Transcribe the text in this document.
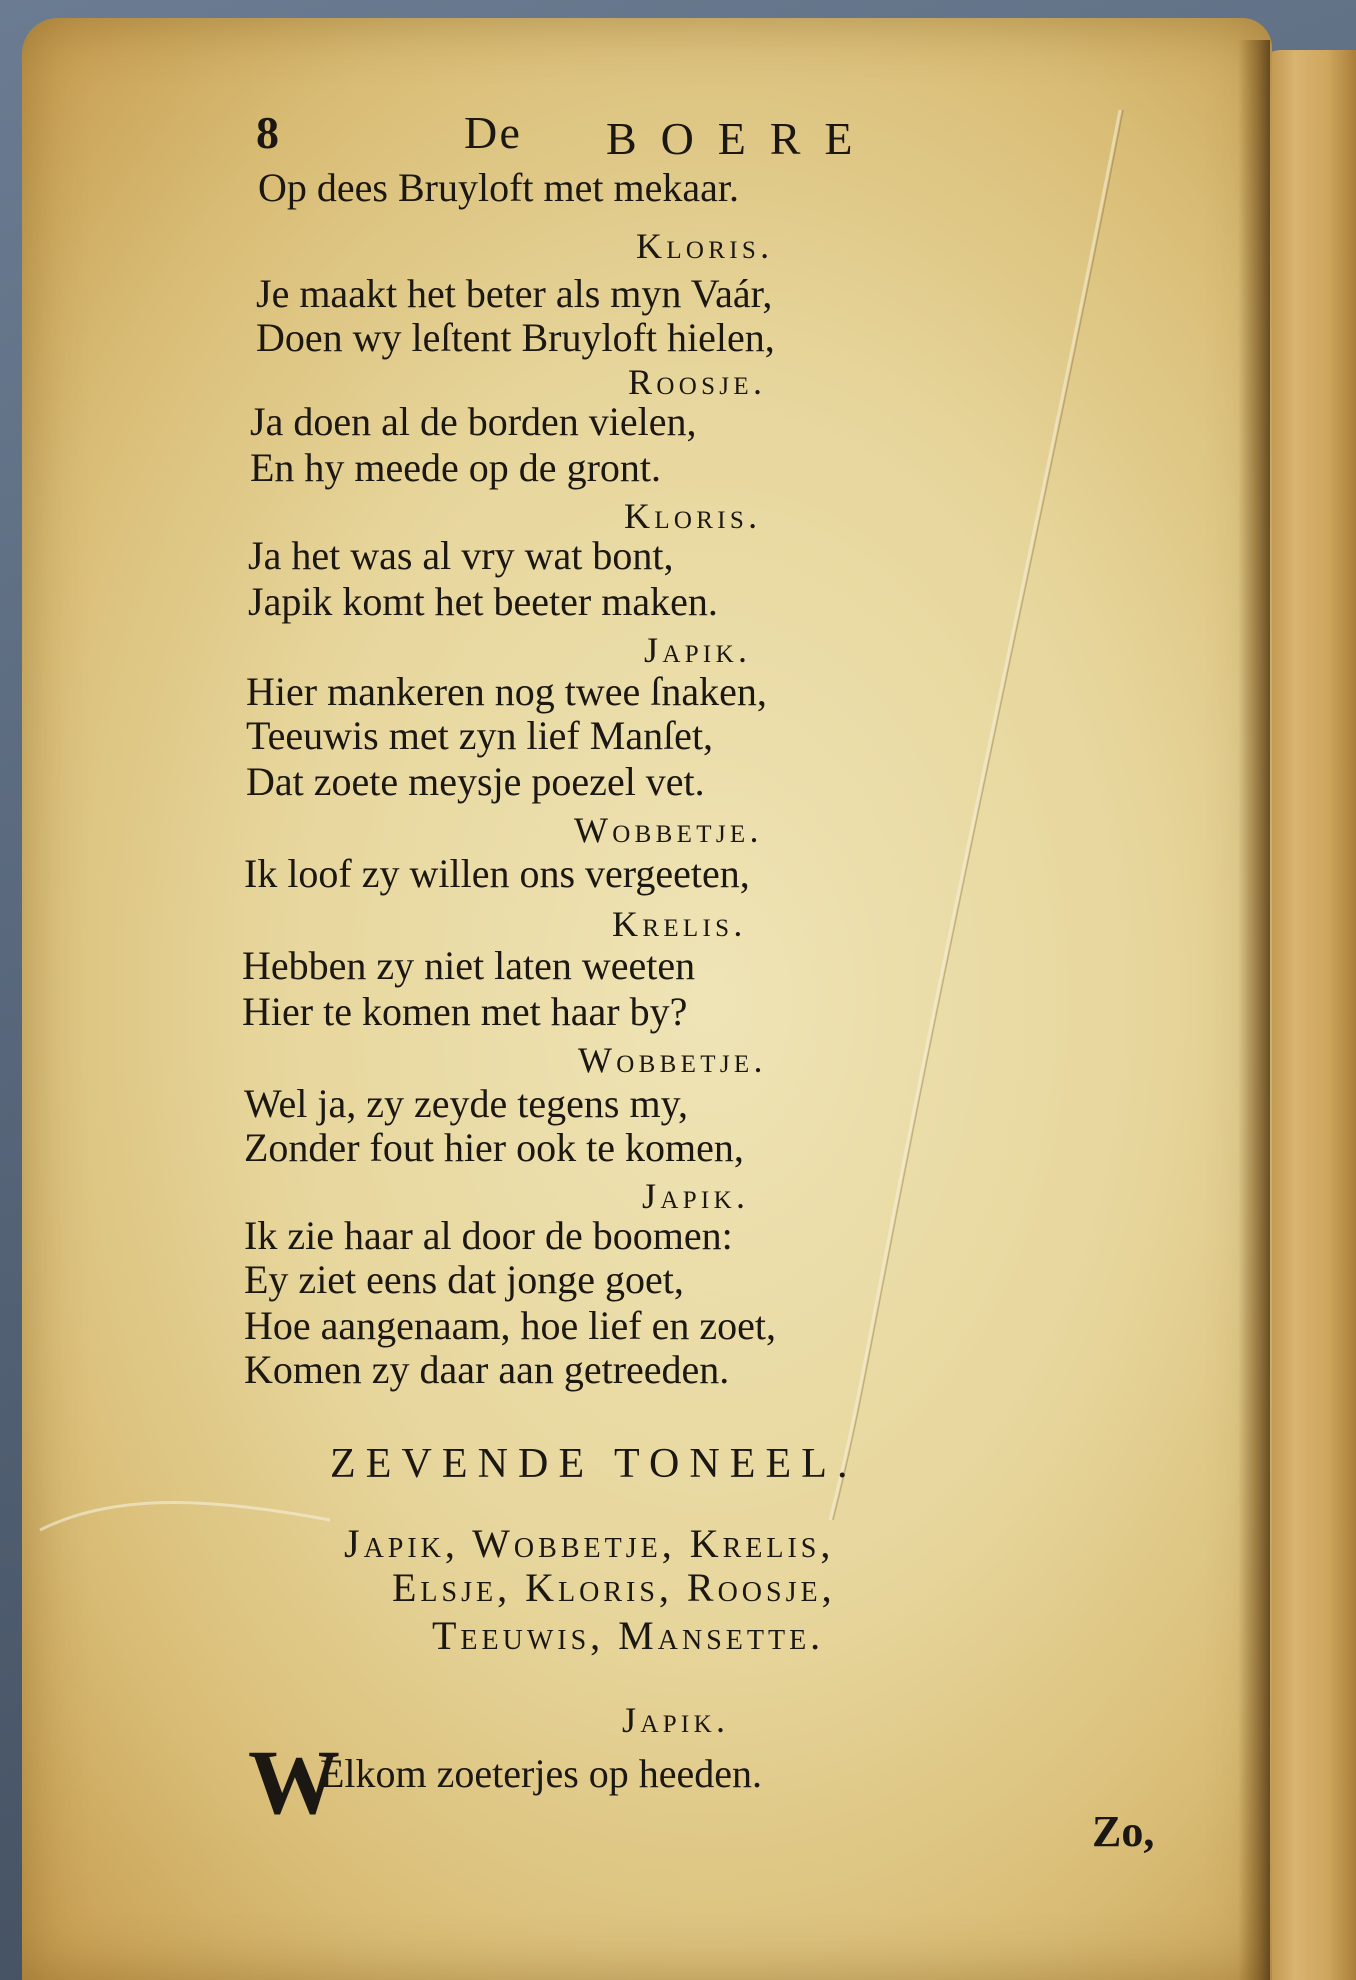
8	De BOERE
Op dees Bruyloft met mekaar.
Kloris.
Je maakt het beter als myn Vaár,
Doen wy leſtent Bruyloft hielen,
Roosje.
Ja doen al de borden vielen,
En hy meede op de gront.
Kloris.
Ja het was al vry wat bont,
Japik komt het beeter maken.
Japik.
Hier mankeren nog twee ſnaken,
Teeuwis met zyn lief Manſet,
Dat zoete meysje poezel vet.
Wobbetje.
Ik loof zy willen ons vergeeten,
Krelis.
Hebben zy niet laten weeten
Hier te komen met haar by?
Wobbetje.
Wel ja, zy zeyde tegens my,
Zonder fout hier ook te komen,
Japik.
Ik zie haar al door de boomen:
Ey ziet eens dat jonge goet,
Hoe aangenaam, hoe lief en zoet,
Komen zy daar aan getreeden.
ZEVENDE TONEEL.
Japik, Wobbetje, Krelis,
Elsje, Kloris, Roosje,
Teeuwis, Mansette.
Japik.
W
Elkom zoeterjes op heeden.
Zo,
